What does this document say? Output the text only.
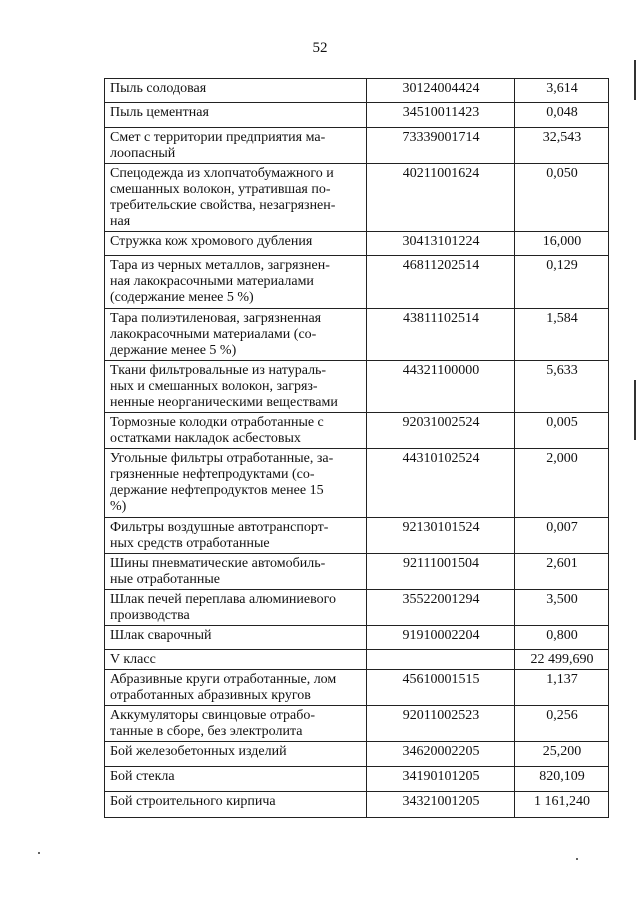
52
Пыль солодовая	30124004424	3,614
Пыль цементная	34510011423	0,048
Смет с территории предприятия ма-
лоопасный	73339001714	32,543
Спецодежда из хлопчатобумажного и
смешанных волокон, утратившая по-
требительские свойства, незагрязнен-
ная	40211001624	0,050
Стружка кож хромового дубления	30413101224	16,000
Тара из черных металлов, загрязнен-
ная лакокрасочными материалами
(содержание менее 5 %)	46811202514	0,129
Тара полиэтиленовая, загрязненная
лакокрасочными материалами (со-
держание менее 5 %)	43811102514	1,584
Ткани фильтровальные из натураль-
ных и смешанных волокон, загряз-
ненные неорганическими веществами	44321100000	5,633
Тормозные колодки отработанные с
остатками накладок асбестовых	92031002524	0,005
Угольные фильтры отработанные, за-
грязненные нефтепродуктами (со-
держание нефтепродуктов менее 15
%)	44310102524	2,000
Фильтры воздушные автотранспорт-
ных средств отработанные	92130101524	0,007
Шины пневматические автомобиль-
ные отработанные	92111001504	2,601
Шлак печей переплава алюминиевого
производства	35522001294	3,500
Шлак сварочный	91910002204	0,800
V класс		22 499,690
Абразивные круги отработанные, лом
отработанных абразивных кругов	45610001515	1,137
Аккумуляторы свинцовые отрабо-
танные в сборе, без электролита	92011002523	0,256
Бой железобетонных изделий	34620002205	25,200
Бой стекла	34190101205	820,109
Бой строительного кирпича	34321001205	1 161,240
